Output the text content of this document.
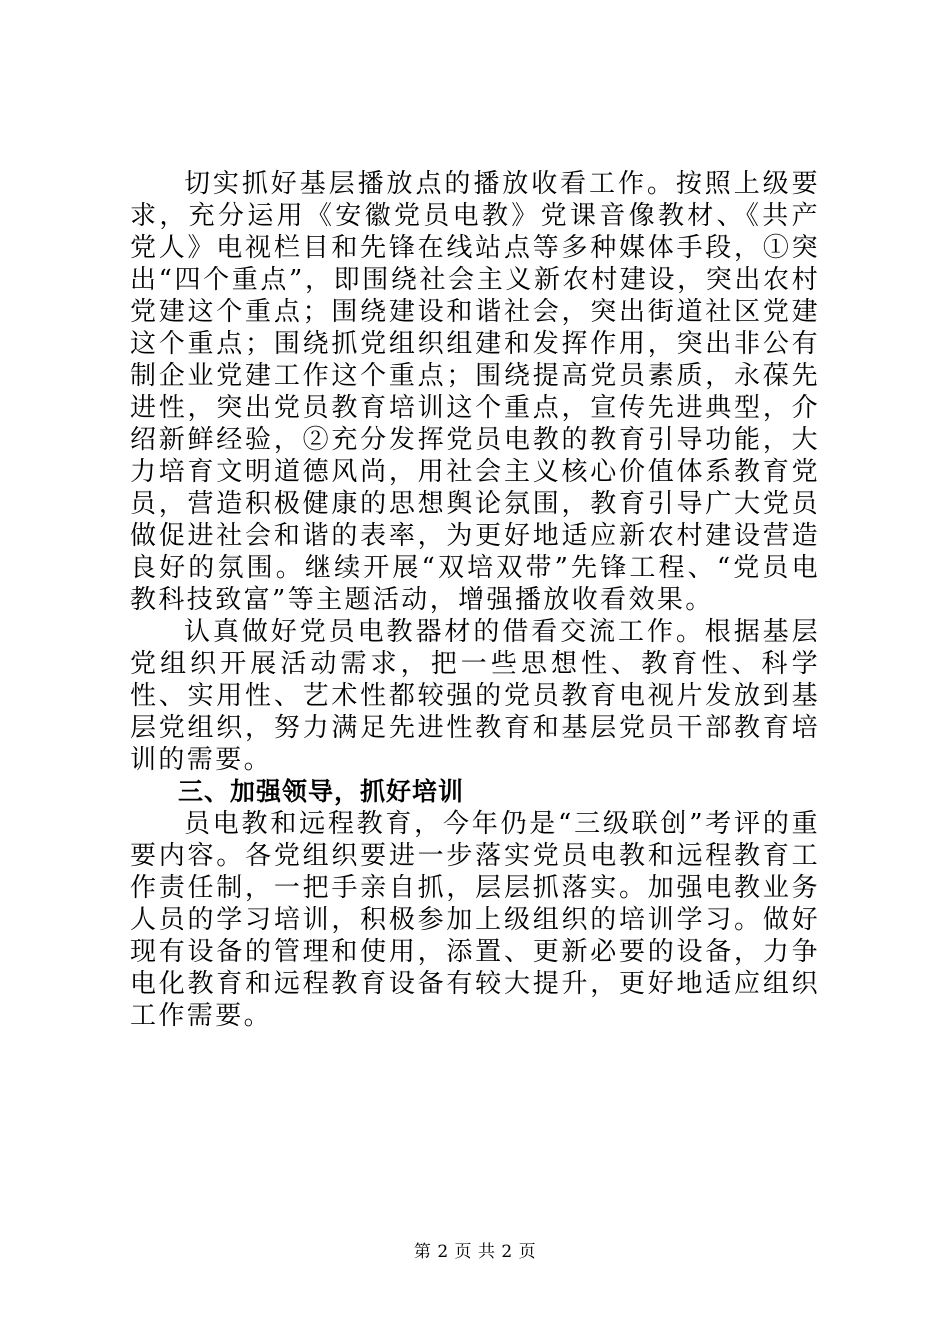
切实抓好基层播放点的播放收看工作。按照上级要求，充分运用《安徽党员电教》党课音像教材、《共产党人》电视栏目和先锋在线站点等多种媒体手段，①突出“四个重点”，即围绕社会主义新农村建设，突出农村党建这个重点；围绕建设和谐社会，突出街道社区党建这个重点；围绕抓党组织组建和发挥作用，突出非公有制企业党建工作这个重点；围绕提高党员素质，永葆先进性，突出党员教育培训这个重点，宣传先进典型，介绍新鲜经验，②充分发挥党员电教的教育引导功能，大力培育文明道德风尚，用社会主义核心价值体系教育党员，营造积极健康的思想舆论氛围，教育引导广大党员做促进社会和谐的表率，为更好地适应新农村建设营造良好的氛围。继续开展“双培双带”先锋工程、“党员电教科技致富”等主题活动，增强播放收看效果。

认真做好党员电教器材的借看交流工作。根据基层党组织开展活动需求，把一些思想性、教育性、科学性、实用性、艺术性都较强的党员教育电视片发放到基层党组织，努力满足先进性教育和基层党员干部教育培训的需要。

三、加强领导，抓好培训

员电教和远程教育，今年仍是“三级联创”考评的重要内容。各党组织要进一步落实党员电教和远程教育工作责任制，一把手亲自抓，层层抓落实。加强电教业务人员的学习培训，积极参加上级组织的培训学习。做好现有设备的管理和使用，添置、更新必要的设备，力争电化教育和远程教育设备有较大提升，更好地适应组织工作需要。

第 2 页 共 2 页
